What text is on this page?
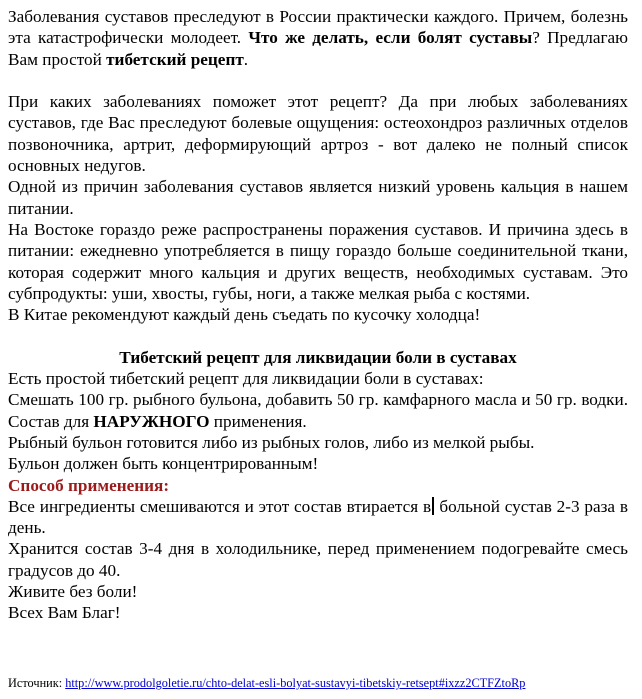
Заболевания суставов преследуют в России практически каждого. Причем, болезнь эта катастрофически молодеет. Что же делать, если болят суставы? Предлагаю Вам простой тибетский рецепт.

При каких заболеваниях поможет этот рецепт? Да при любых заболеваниях суставов, где Вас преследуют болевые ощущения: остеохондроз различных отделов позвоночника, артрит, деформирующий артроз - вот далеко не полный список основных недугов.

Одной из причин заболевания суставов является низкий уровень кальция в нашем питании.

На Востоке гораздо реже распространены поражения суставов. И причина здесь в питании: ежедневно употребляется в пищу гораздо больше соединительной ткани, которая содержит много кальция и других веществ, необходимых суставам. Это субпродукты: уши, хвосты, губы, ноги, а также мелкая рыба с костями.

В Китае рекомендуют каждый день съедать по кусочку холодца!

Тибетский рецепт для ликвидации боли в суставах

Есть простой тибетский рецепт для ликвидации боли в суставах:

Смешать 100 гр. рыбного бульона, добавить 50 гр. камфарного масла и 50 гр. водки. Состав для НАРУЖНОГО применения.

Рыбный бульон готовится либо из рыбных голов, либо из мелкой рыбы.

Бульон должен быть концентрированным!

Способ применения:

Все ингредиенты смешиваются и этот состав втирается в больной сустав 2-3 раза в день.

Хранится состав 3-4 дня в холодильнике, перед применением подогревайте смесь градусов до 40.

Живите без боли!

Всех Вам Благ!

Источник: http://www.prodolgoletie.ru/chto-delat-esli-bolyat-sustavyi-tibetskiy-retsept#ixzz2CTFZtoRp
